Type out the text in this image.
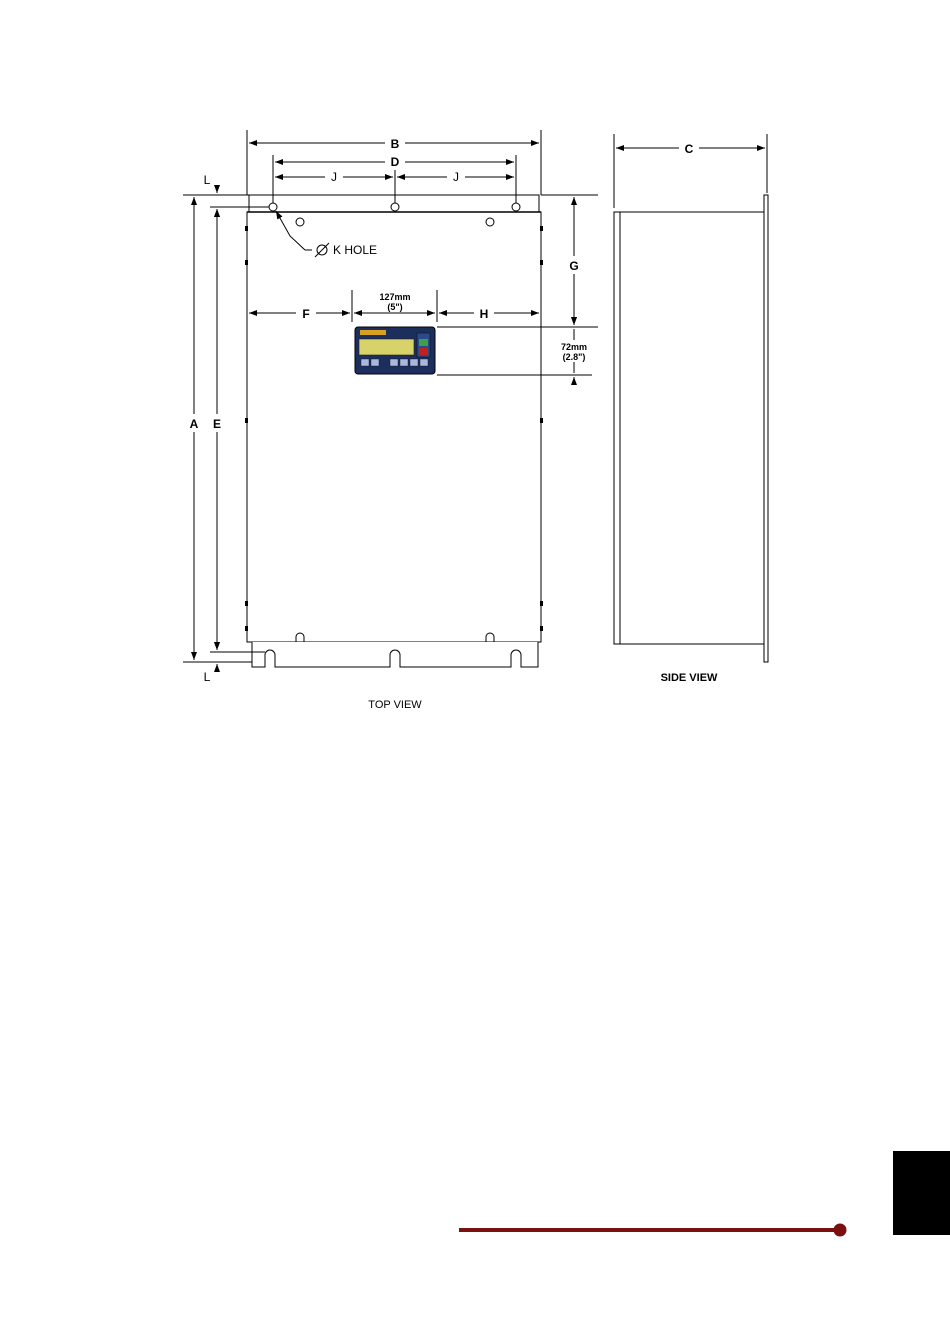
B
D
J	J
L
L
A E
F	H
G
127mm
(5")
72mm
(2.8")
K HOLE
TOP VIEW
C
SIDE VIEW
